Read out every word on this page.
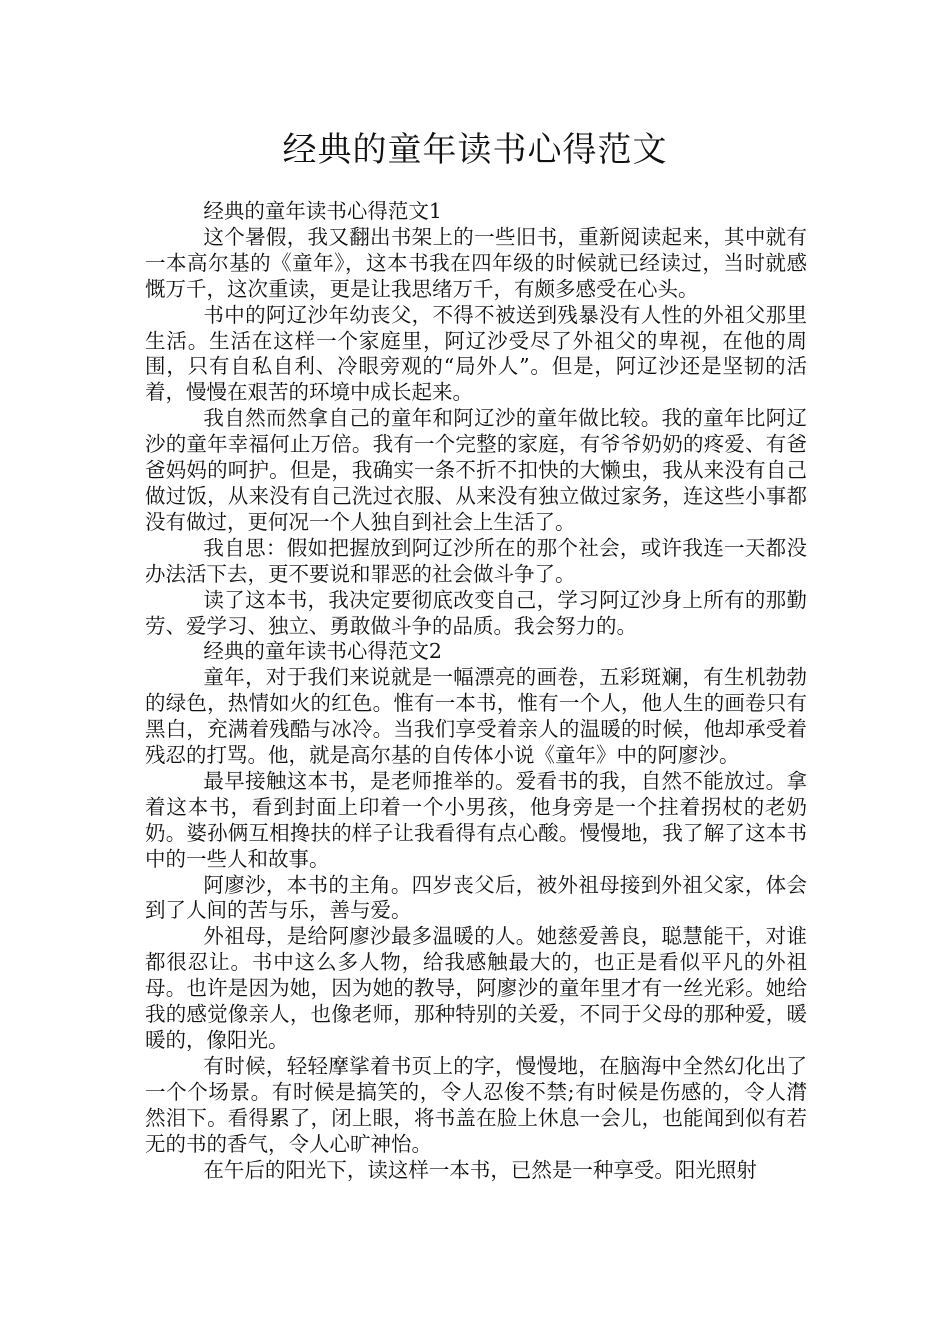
经典的童年读书心得范文

经典的童年读书心得范文1

这个暑假，我又翻出书架上的一些旧书，重新阅读起来，其中就有一本高尔基的《童年》，这本书我在四年级的时候就已经读过，当时就感慨万千，这次重读，更是让我思绪万千，有颇多感受在心头。

书中的阿辽沙年幼丧父，不得不被送到残暴没有人性的外祖父那里生活。生活在这样一个家庭里，阿辽沙受尽了外祖父的卑视，在他的周围，只有自私自利、冷眼旁观的“局外人”。但是，阿辽沙还是坚韧的活着，慢慢在艰苦的环境中成长起来。

我自然而然拿自己的童年和阿辽沙的童年做比较。我的童年比阿辽沙的童年幸福何止万倍。我有一个完整的家庭，有爷爷奶奶的疼爱、有爸爸妈妈的呵护。但是，我确实一条不折不扣快的大懒虫，我从来没有自己做过饭，从来没有自己洗过衣服、从来没有独立做过家务，连这些小事都没有做过，更何况一个人独自到社会上生活了。

我自思：假如把握放到阿辽沙所在的那个社会，或许我连一天都没办法活下去，更不要说和罪恶的社会做斗争了。

读了这本书，我决定要彻底改变自己，学习阿辽沙身上所有的那勤劳、爱学习、独立、勇敢做斗争的品质。我会努力的。

经典的童年读书心得范文2

童年，对于我们来说就是一幅漂亮的画卷，五彩斑斓，有生机勃勃的绿色，热情如火的红色。惟有一本书，惟有一个人，他人生的画卷只有黑白，充满着残酷与冰冷。当我们享受着亲人的温暖的时候，他却承受着残忍的打骂。他，就是高尔基的自传体小说《童年》中的阿廖沙。

最早接触这本书，是老师推举的。爱看书的我，自然不能放过。拿着这本书，看到封面上印着一个小男孩，他身旁是一个拄着拐杖的老奶奶。婆孙俩互相搀扶的样子让我看得有点心酸。慢慢地，我了解了这本书中的一些人和故事。

阿廖沙，本书的主角。四岁丧父后，被外祖母接到外祖父家，体会到了人间的苦与乐，善与爱。

外祖母，是给阿廖沙最多温暖的人。她慈爱善良，聪慧能干，对谁都很忍让。书中这么多人物，给我感触最大的，也正是看似平凡的外祖母。也许是因为她，因为她的教导，阿廖沙的童年里才有一丝光彩。她给我的感觉像亲人，也像老师，那种特别的关爱，不同于父母的那种爱，暖暖的，像阳光。

有时候，轻轻摩挲着书页上的字，慢慢地，在脑海中全然幻化出了一个个场景。有时候是搞笑的，令人忍俊不禁;有时候是伤感的，令人潸然泪下。看得累了，闭上眼，将书盖在脸上休息一会儿，也能闻到似有若无的书的香气，令人心旷神怡。

在午后的阳光下，读这样一本书，已然是一种享受。阳光照射
